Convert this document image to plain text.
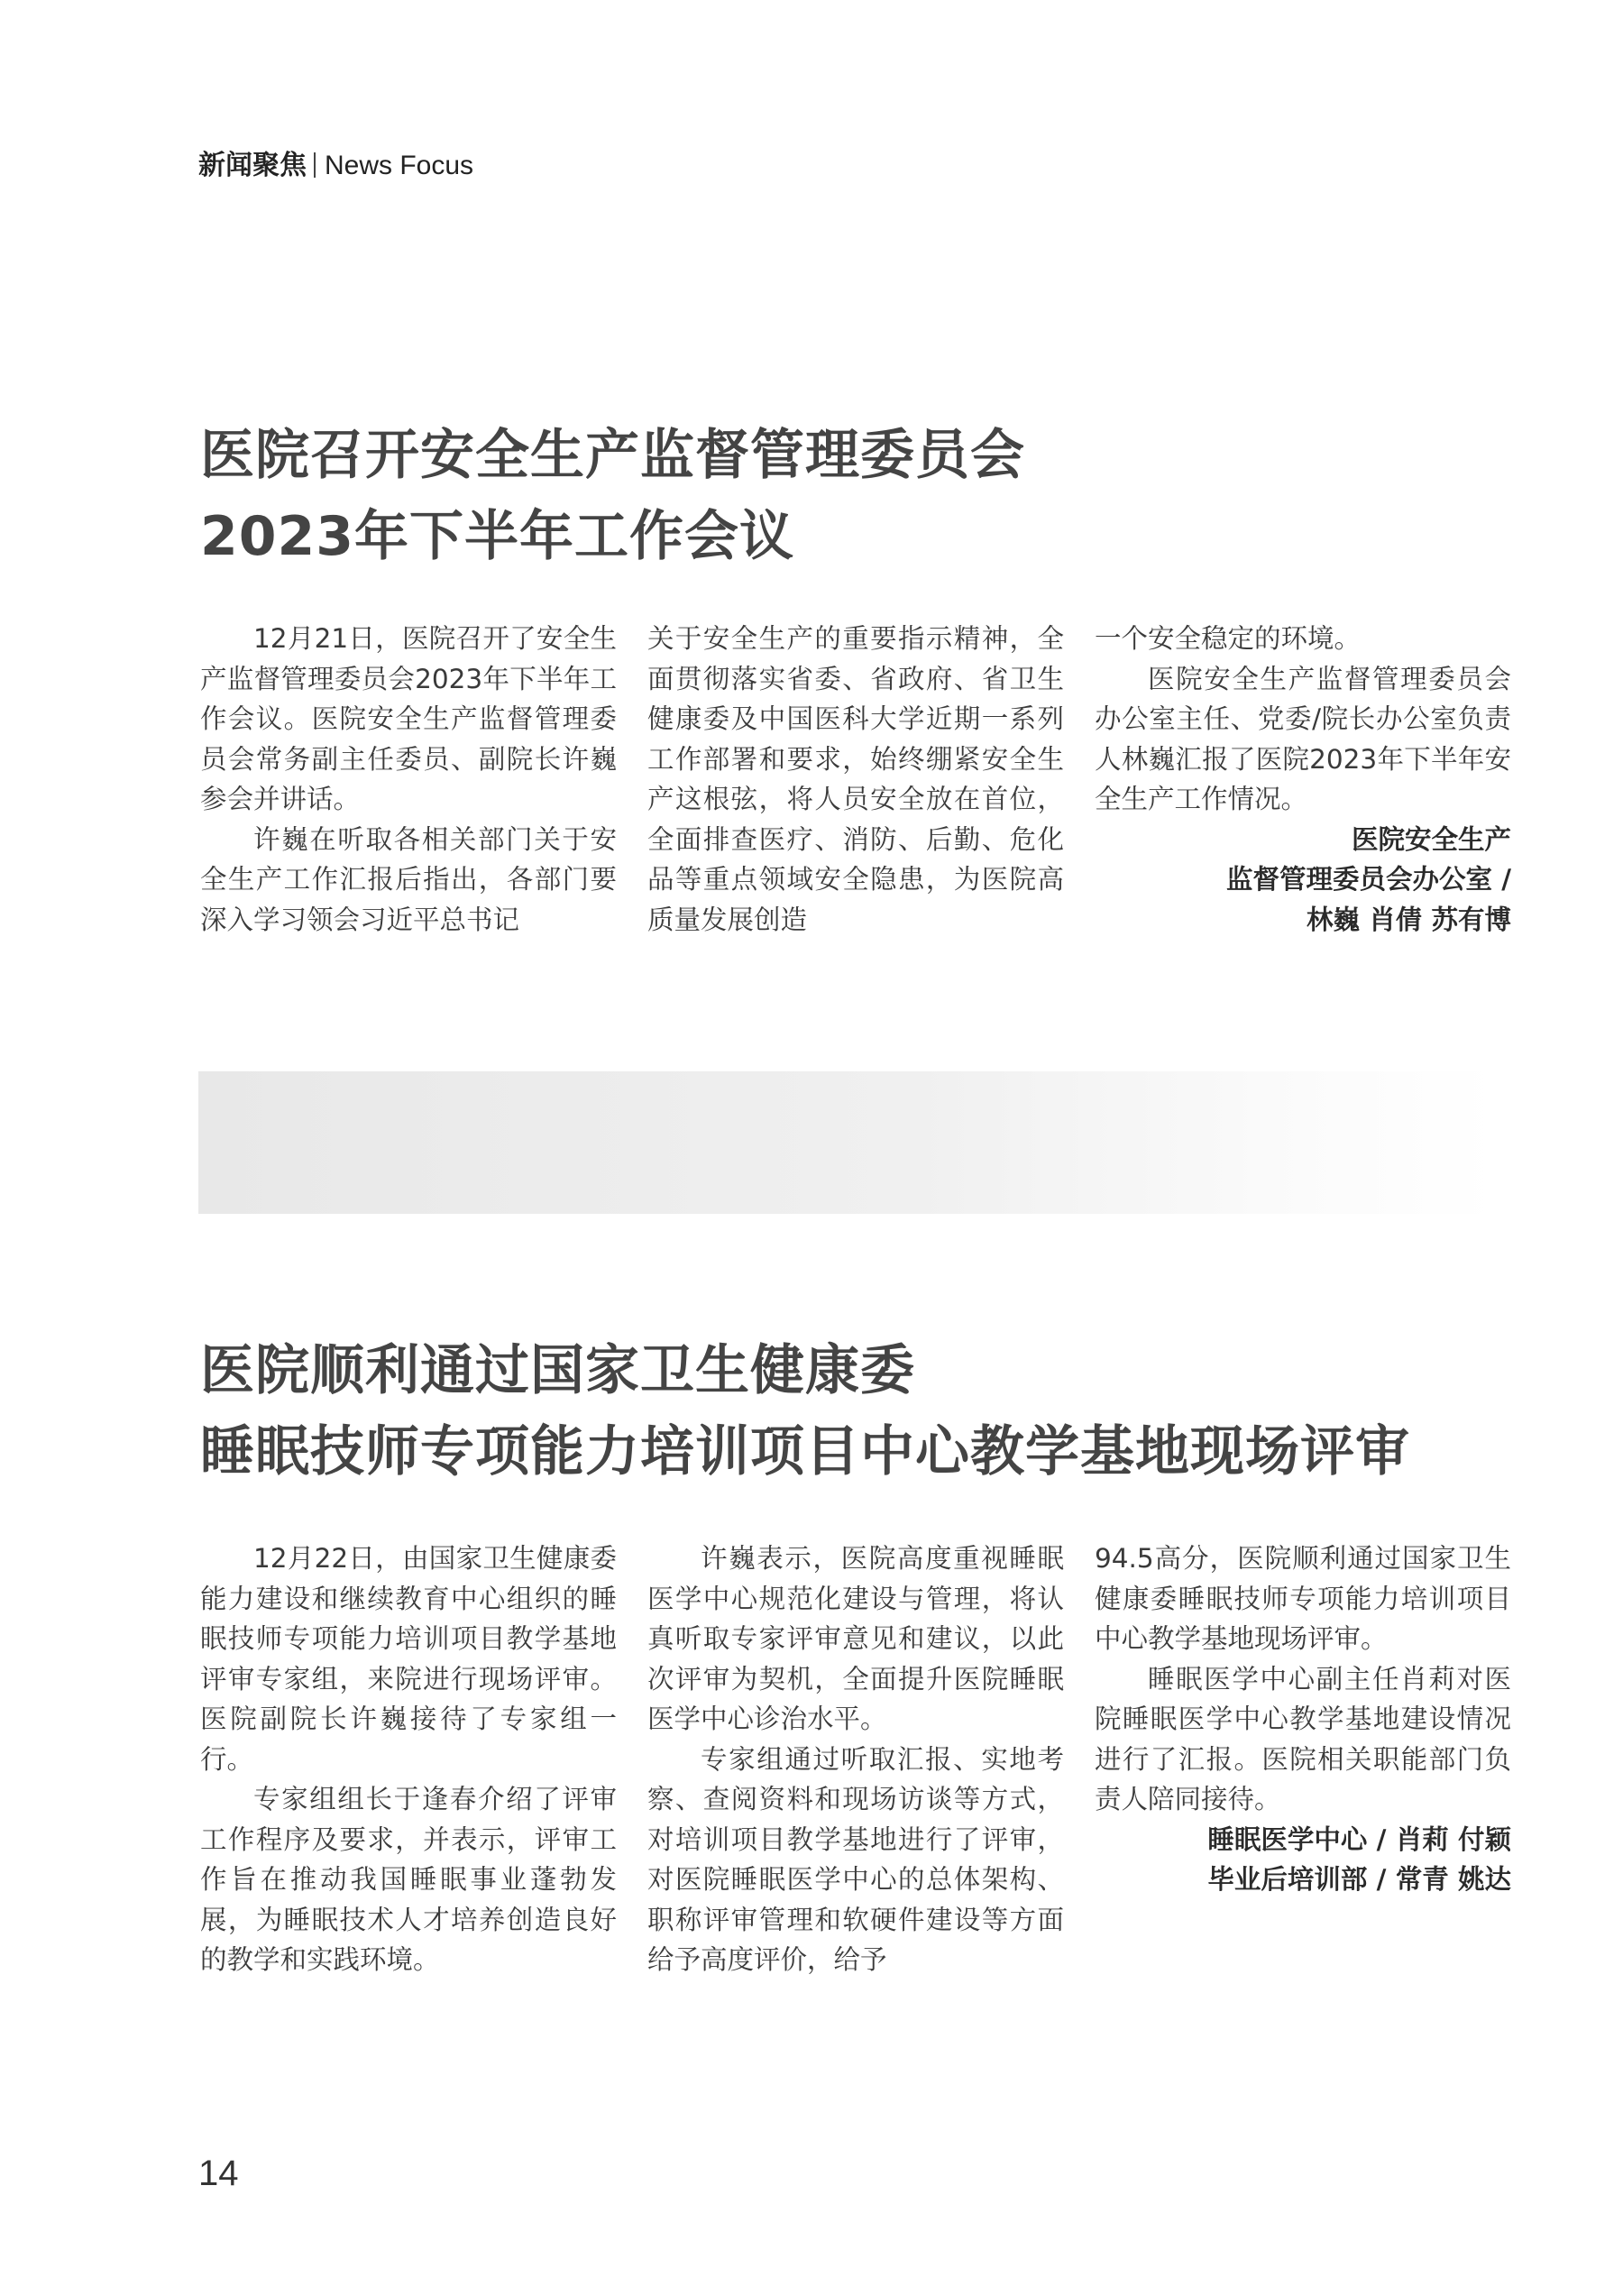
新闻聚焦 News Focus
医院召开安全生产监督管理委员会
2023年下半年工作会议

12月21日，医院召开了安全生产监督管理委员会2023年下半年工作会议。医院安全生产监督管理委员会常务副主任委员、副院长许巍参会并讲话。

许巍在听取各相关部门关于安全生产工作汇报后指出，各部门要深入学习领会习近平总书记

关于安全生产的重要指示精神，全面贯彻落实省委、省政府、省卫生健康委及中国医科大学近期一系列工作部署和要求，始终绷紧安全生产这根弦，将人员安全放在首位，全面排查医疗、消防、后勤、危化品等重点领域安全隐患，为医院高质量发展创造

一个安全稳定的环境。

医院安全生产监督管理委员会办公室主任、党委/院长办公室负责人林巍汇报了医院2023年下半年安全生产工作情况。

医院安全生产
监督管理委员会办公室 /
林巍 肖倩 苏有博
医院顺利通过国家卫生健康委
睡眠技师专项能力培训项目中心教学基地现场评审

12月22日，由国家卫生健康委能力建设和继续教育中心组织的睡眠技师专项能力培训项目教学基地评审专家组，来院进行现场评审。医院副院长许巍接待了专家组一行。

专家组组长于逢春介绍了评审工作程序及要求，并表示，评审工作旨在推动我国睡眠事业蓬勃发展，为睡眠技术人才培养创造良好的教学和实践环境。

许巍表示，医院高度重视睡眠医学中心规范化建设与管理，将认真听取专家评审意见和建议，以此次评审为契机，全面提升医院睡眠医学中心诊治水平。

专家组通过听取汇报、实地考察、查阅资料和现场访谈等方式，对培训项目教学基地进行了评审，对医院睡眠医学中心的总体架构、职称评审管理和软硬件建设等方面给予高度评价，给予

94.5高分，医院顺利通过国家卫生健康委睡眠技师专项能力培训项目中心教学基地现场评审。

睡眠医学中心副主任肖莉对医院睡眠医学中心教学基地建设情况进行了汇报。医院相关职能部门负责人陪同接待。

睡眠医学中心 / 肖莉 付颖
毕业后培训部 / 常青 姚达
14
